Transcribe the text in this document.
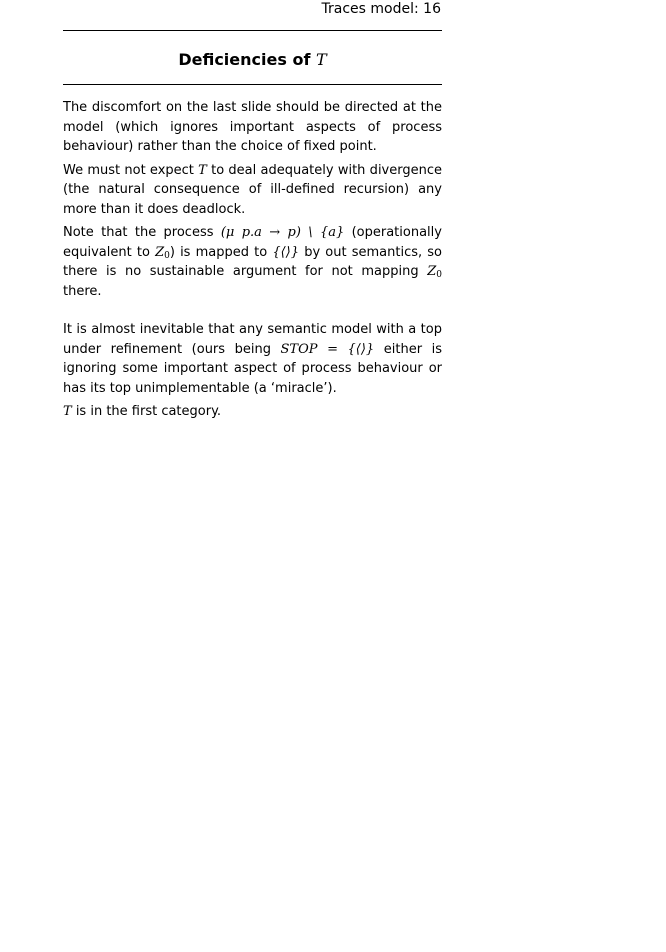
Traces model: 16
Deficiencies of T

The discomfort on the last slide should be directed at the model (which ignores important aspects of process behaviour) rather than the choice of fixed point.

We must not expect T to deal adequately with divergence (the natural consequence of ill-defined recursion) any more than it does deadlock.

Note that the process (μ p.a → p) \ {a} (operationally equivalent to $Z_0$) is mapped to {⟨⟩} by out semantics, so there is no sustainable argument for not mapping $Z_0$ there.

It is almost inevitable that any semantic model with a top under refinement (ours being STOP = {⟨⟩} either is ignoring some important aspect of process behaviour or has its top unimplementable (a ‘miracle’).

T is in the first category.
